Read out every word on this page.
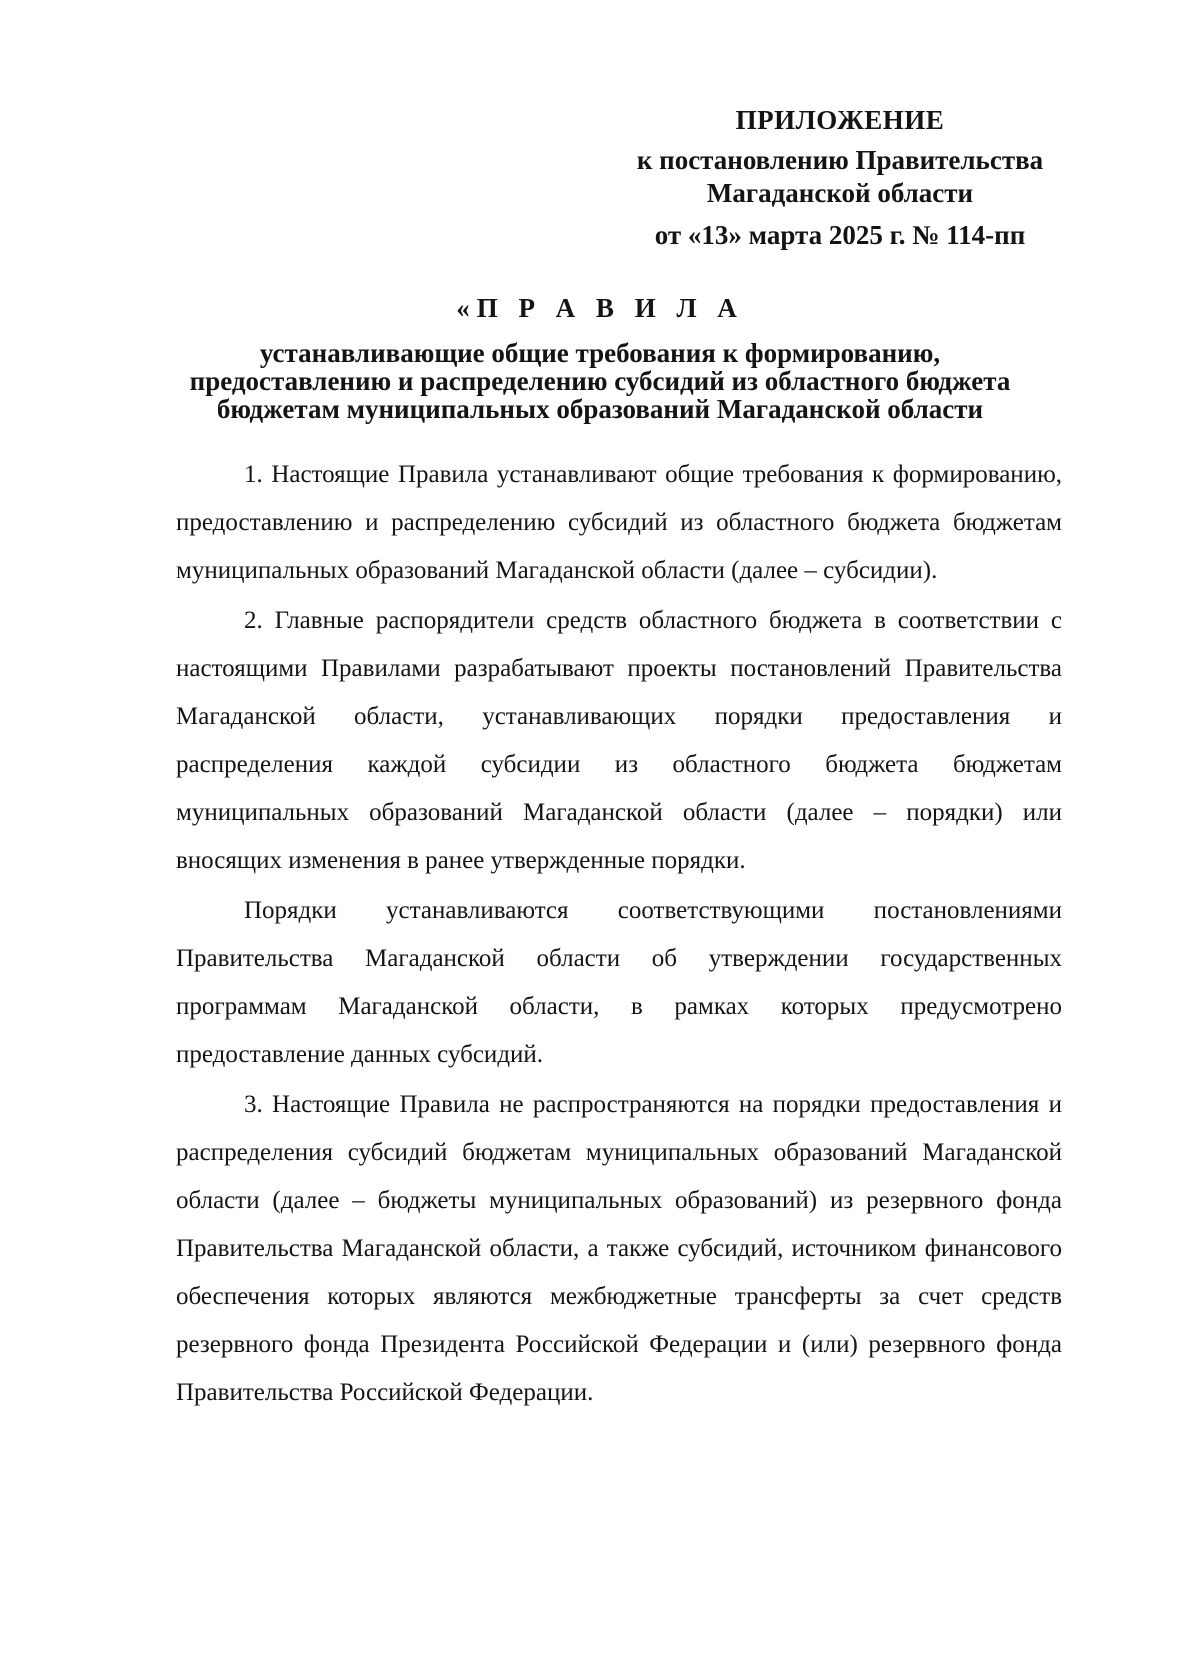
ПРИЛОЖЕНИЕ
к постановлению Правительства
Магаданской области
от «13» марта 2025 г. № 114-пп
«П Р А В И Л А
устанавливающие общие требования к формированию,
предоставлению и распределению субсидий из областного бюджета
бюджетам муниципальных образований Магаданской области

1. Настоящие Правила устанавливают общие требования к формированию, предоставлению и распределению субсидий из областного бюджета бюджетам муниципальных образований Магаданской области (далее – субсидии).

2. Главные распорядители средств областного бюджета в соответствии с настоящими Правилами разрабатывают проекты постановлений Правительства Магаданской области, устанавливающих порядки предоставления и распределения каждой субсидии из областного бюджета бюджетам муниципальных образований Магаданской области (далее – порядки) или вносящих изменения в ранее утвержденные порядки.

Порядки устанавливаются соответствующими постановлениями Правительства Магаданской области об утверждении государственных программам Магаданской области, в рамках которых предусмотрено предоставление данных субсидий.

3. Настоящие Правила не распространяются на порядки предоставления и распределения субсидий бюджетам муниципальных образований Магаданской области (далее – бюджеты муниципальных образований) из резервного фонда Правительства Магаданской области, а также субсидий, источником финансового обеспечения которых являются межбюджетные трансферты за счет средств резервного фонда Президента Российской Федерации и (или) резервного фонда Правительства Российской Федерации.
